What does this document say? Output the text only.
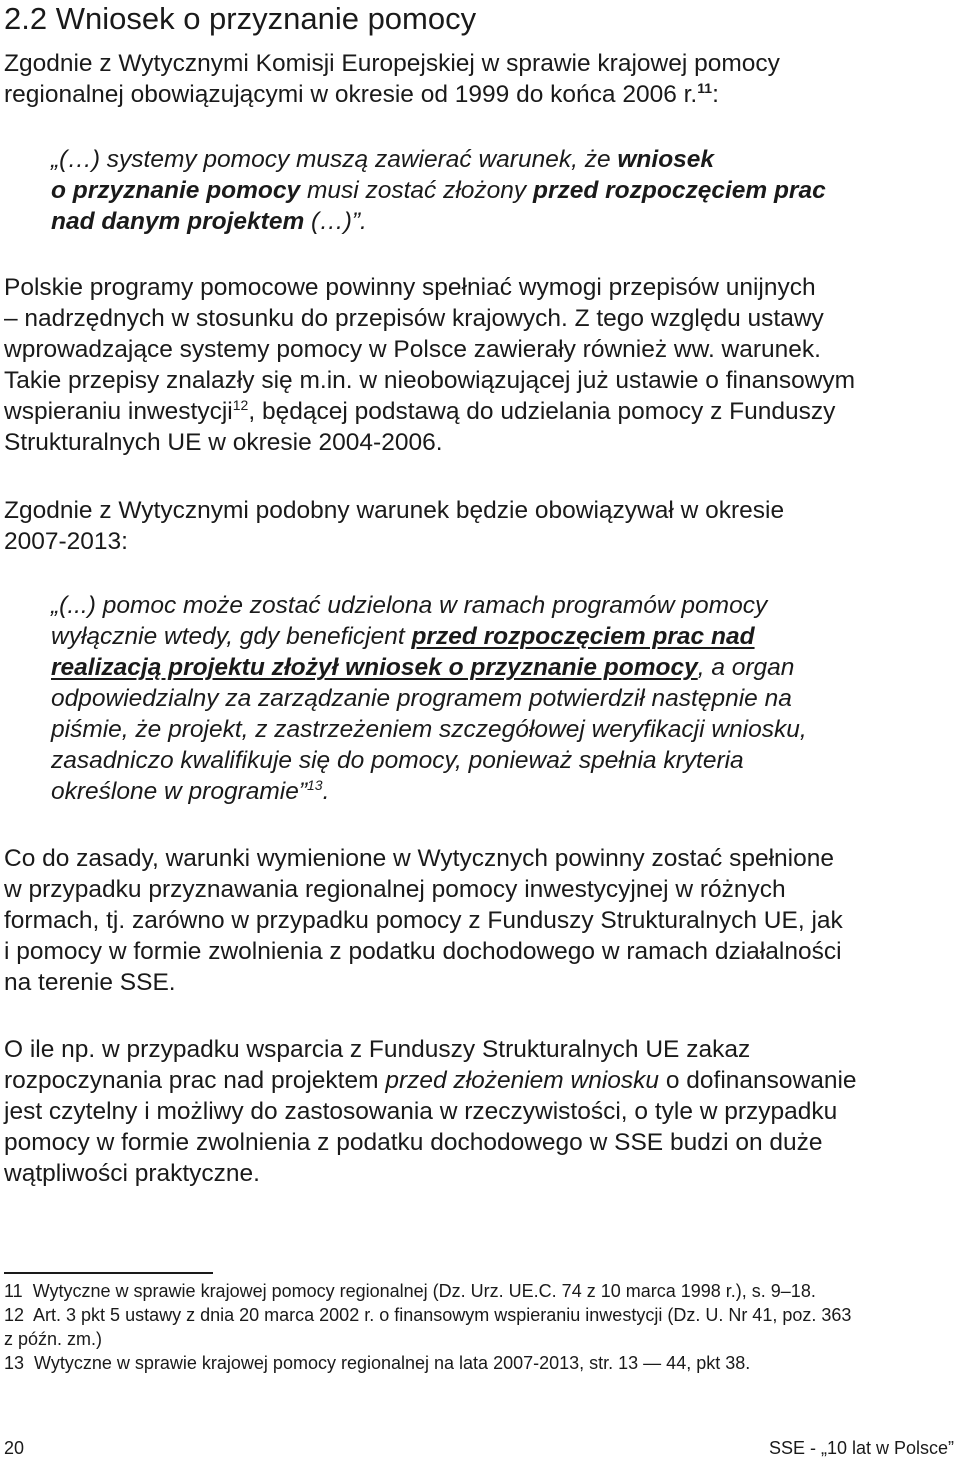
2.2 Wniosek o przyznanie pomocy
Zgodnie z Wytycznymi Komisji Europejskiej w sprawie krajowej pomocy
regionalnej obowiązującymi w okresie od 1999 do końca 2006 r.$^{11}$:
„(…) systemy pomocy muszą zawierać warunek, że wniosek
o przyznanie pomocy musi zostać złożony przed rozpoczęciem prac
nad danym projektem (…)”.
Polskie programy pomocowe powinny spełniać wymogi przepisów unijnych
– nadrzędnych w stosunku do przepisów krajowych. Z tego względu ustawy
wprowadzające systemy pomocy w Polsce zawierały również ww. warunek.
Takie przepisy znalazły się m.in. w nieobowiązującej już ustawie o finansowym
wspieraniu inwestycji$^{12}$, będącej podstawą do udzielania pomocy z Funduszy
Strukturalnych UE w okresie 2004-2006.
Zgodnie z Wytycznymi podobny warunek będzie obowiązywał w okresie
2007-2013:
„(...) pomoc może zostać udzielona w ramach programów pomocy
wyłącznie wtedy, gdy beneficjent przed rozpoczęciem prac nad
realizacją projektu złożył wniosek o przyznanie pomocy, a organ
odpowiedzialny za zarządzanie programem potwierdził następnie na
piśmie, że projekt, z zastrzeżeniem szczegółowej weryfikacji wniosku,
zasadniczo kwalifikuje się do pomocy, ponieważ spełnia kryteria
określone w programie”$^{13}$.
Co do zasady, warunki wymienione w Wytycznych powinny zostać spełnione
w przypadku przyznawania regionalnej pomocy inwestycyjnej w różnych
formach, tj. zarówno w przypadku pomocy z Funduszy Strukturalnych UE, jak
i pomocy w formie zwolnienia z podatku dochodowego w ramach działalności
na terenie SSE.
O ile np. w przypadku wsparcia z Funduszy Strukturalnych UE zakaz
rozpoczynania prac nad projektem przed złożeniem wniosku o dofinansowanie
jest czytelny i możliwy do zastosowania w rzeczywistości, o tyle w przypadku
pomocy w formie zwolnienia z podatku dochodowego w SSE budzi on duże
wątpliwości praktyczne.
11  Wytyczne w sprawie krajowej pomocy regionalnej (Dz. Urz. UE.C. 74 z 10 marca 1998 r.), s. 9–18.
12  Art. 3 pkt 5 ustawy z dnia 20 marca 2002 r. o finansowym wspieraniu inwestycji (Dz. U. Nr 41, poz. 363
z późn. zm.)
13  Wytyczne w sprawie krajowej pomocy regionalnej na lata 2007-2013, str. 13 — 44, pkt 38.
20	SSE - „10 lat w Polsce”
